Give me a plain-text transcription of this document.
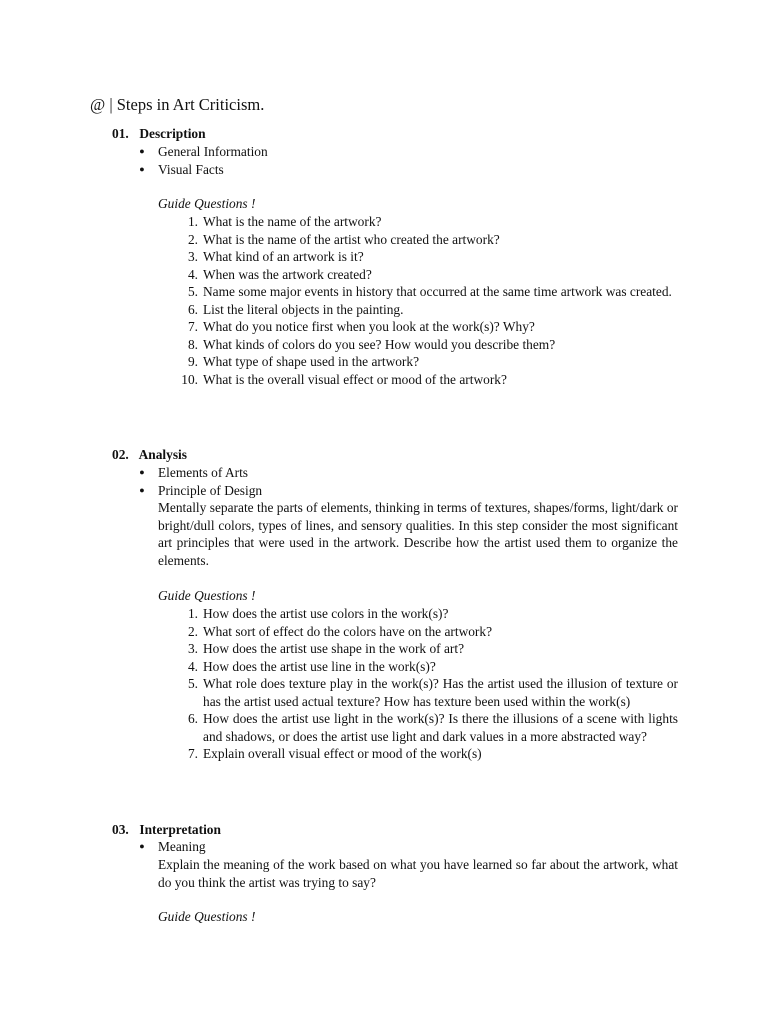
@ | Steps in Art Criticism.
01. Description
● General Information
● Visual Facts
Guide Questions !
1. What is the name of the artwork?
2. What is the name of the artist who created the artwork?
3. What kind of an artwork is it?
4. When was the artwork created?
5. Name some major events in history that occurred at the same time artwork was created.
6. List the literal objects in the painting.
7. What do you notice first when you look at the work(s)? Why?
8. What kinds of colors do you see? How would you describe them?
9. What type of shape used in the artwork?
10. What is the overall visual effect or mood of the artwork?
02. Analysis
● Elements of Arts
● Principle of Design

Mentally separate the parts of elements, thinking in terms of textures, shapes/forms, light/dark or bright/dull colors, types of lines, and sensory qualities. In this step consider the most significant art principles that were used in the artwork. Describe how the artist used them to organize the elements.

Guide Questions !
1. How does the artist use colors in the work(s)?
2. What sort of effect do the colors have on the artwork?
3. How does the artist use shape in the work of art?
4. How does the artist use line in the work(s)?
5. What role does texture play in the work(s)? Has the artist used the illusion of texture or has the artist used actual texture? How has texture been used within the work(s)
6. How does the artist use light in the work(s)? Is there the illusions of a scene with lights and shadows, or does the artist use light and dark values in a more abstracted way?
7. Explain overall visual effect or mood of the work(s)
03. Interpretation
● Meaning

Explain the meaning of the work based on what you have learned so far about the artwork, what do you think the artist was trying to say?

Guide Questions !
